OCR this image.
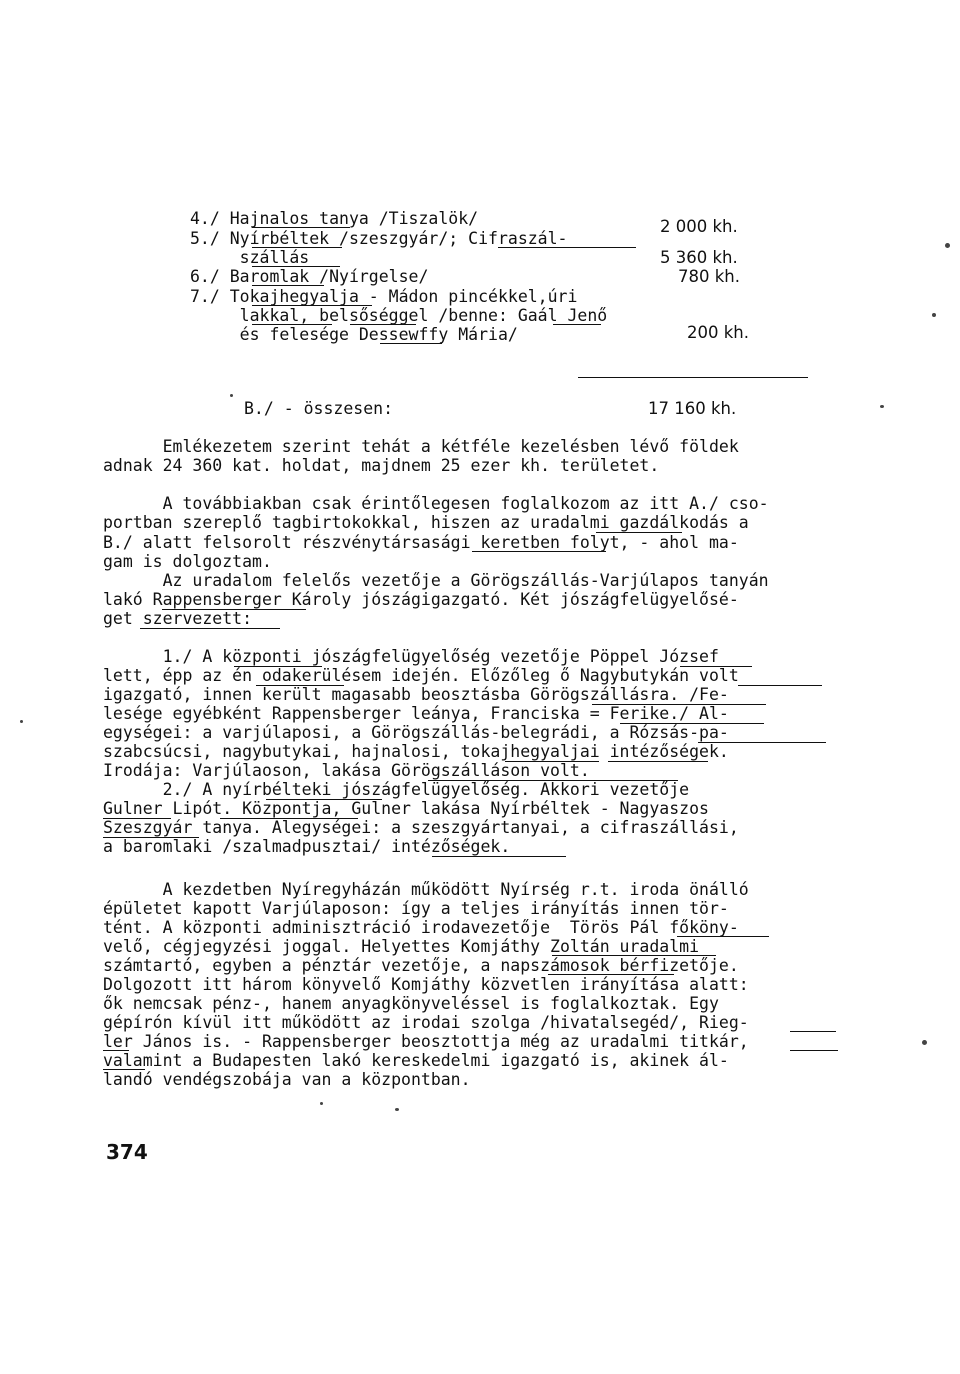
4./ Hajnalos tanya /Tiszalök/
5./ Nyírbéltek /szeszgyár/; Cifraszál-
szállás
6./ Baromlak /Nyírgelse/
7./ Tokajhegyalja - Mádon pincékkel,úri
lakkal, belsőséggel /benne: Gaál Jenő
és felesége Dessewffy Mária/
2 000 kh.
5 360 kh.
780 kh.
200 kh.
B./ - összesen:	17 160 kh.
Emlékezetem szerint tehát a kétféle kezelésben lévő földek
adnak 24 360 kat. holdat, majdnem 25 ezer kh. területet.
A továbbiakban csak érintőlegesen foglalkozom az itt A./ cso-
portban szereplő tagbirtokokkal, hiszen az uradalmi gazdálkodás a
B./ alatt felsorolt részvénytársasági keretben folyt, - ahol ma-
gam is dolgoztam.
Az uradalom felelős vezetője a Görögszállás-Varjúlapos tanyán
lakó Rappensberger Károly jószágigazgató. Két jószágfelügyelősé-
get szervezett:
1./ A központi jószágfelügyelőség vezetője Pöppel József
lett, épp az én odakerülésem idején. Előzőleg ő Nagybutykán volt
igazgató, innen került magasabb beosztásba Görögszállásra. /Fe-
lesége egyébként Rappensberger leánya, Franciska = Ferike./ Al-
egységei: a varjúlaposi, a Görögszállás-belegrádi, a Rózsás-pa-
szabcsúcsi, nagybutykai, hajnalosi, tokajhegyaljai intézőségek.
Irodája: Varjúlaoson, lakása Görögszálláson volt.
2./ A nyírbélteki jószágfelügyelőség. Akkori vezetője
Gulner Lipót. Központja, Gulner lakása Nyírbéltek - Nagyaszos
Szeszgyár tanya. Alegységei: a szeszgyártanyai, a cifraszállási,
a baromlaki /szalmadpusztai/ intézőségek.
A kezdetben Nyíregyházán működött Nyírség r.t. iroda önálló
épületet kapott Varjúlaposon: így a teljes irányítás innen tör-
tént. A központi adminisztráció irodavezetője  Törös Pál főköny-
velő, cégjegyzési joggal. Helyettes Komjáthy Zoltán uradalmi
számtartó, egyben a pénztár vezetője, a napszámosok bérfizetője.
Dolgozott itt három könyvelő Komjáthy közvetlen irányítása alatt:
ők nemcsak pénz-, hanem anyagkönyveléssel is foglalkoztak. Egy
gépírón kívül itt működött az irodai szolga /hivatalsegéd/, Rieg-
ler János is. - Rappensberger beosztottja még az uradalmi titkár,
valamint a Budapesten lakó kereskedelmi igazgató is, akinek ál-
landó vendégszobája van a központban.
374
